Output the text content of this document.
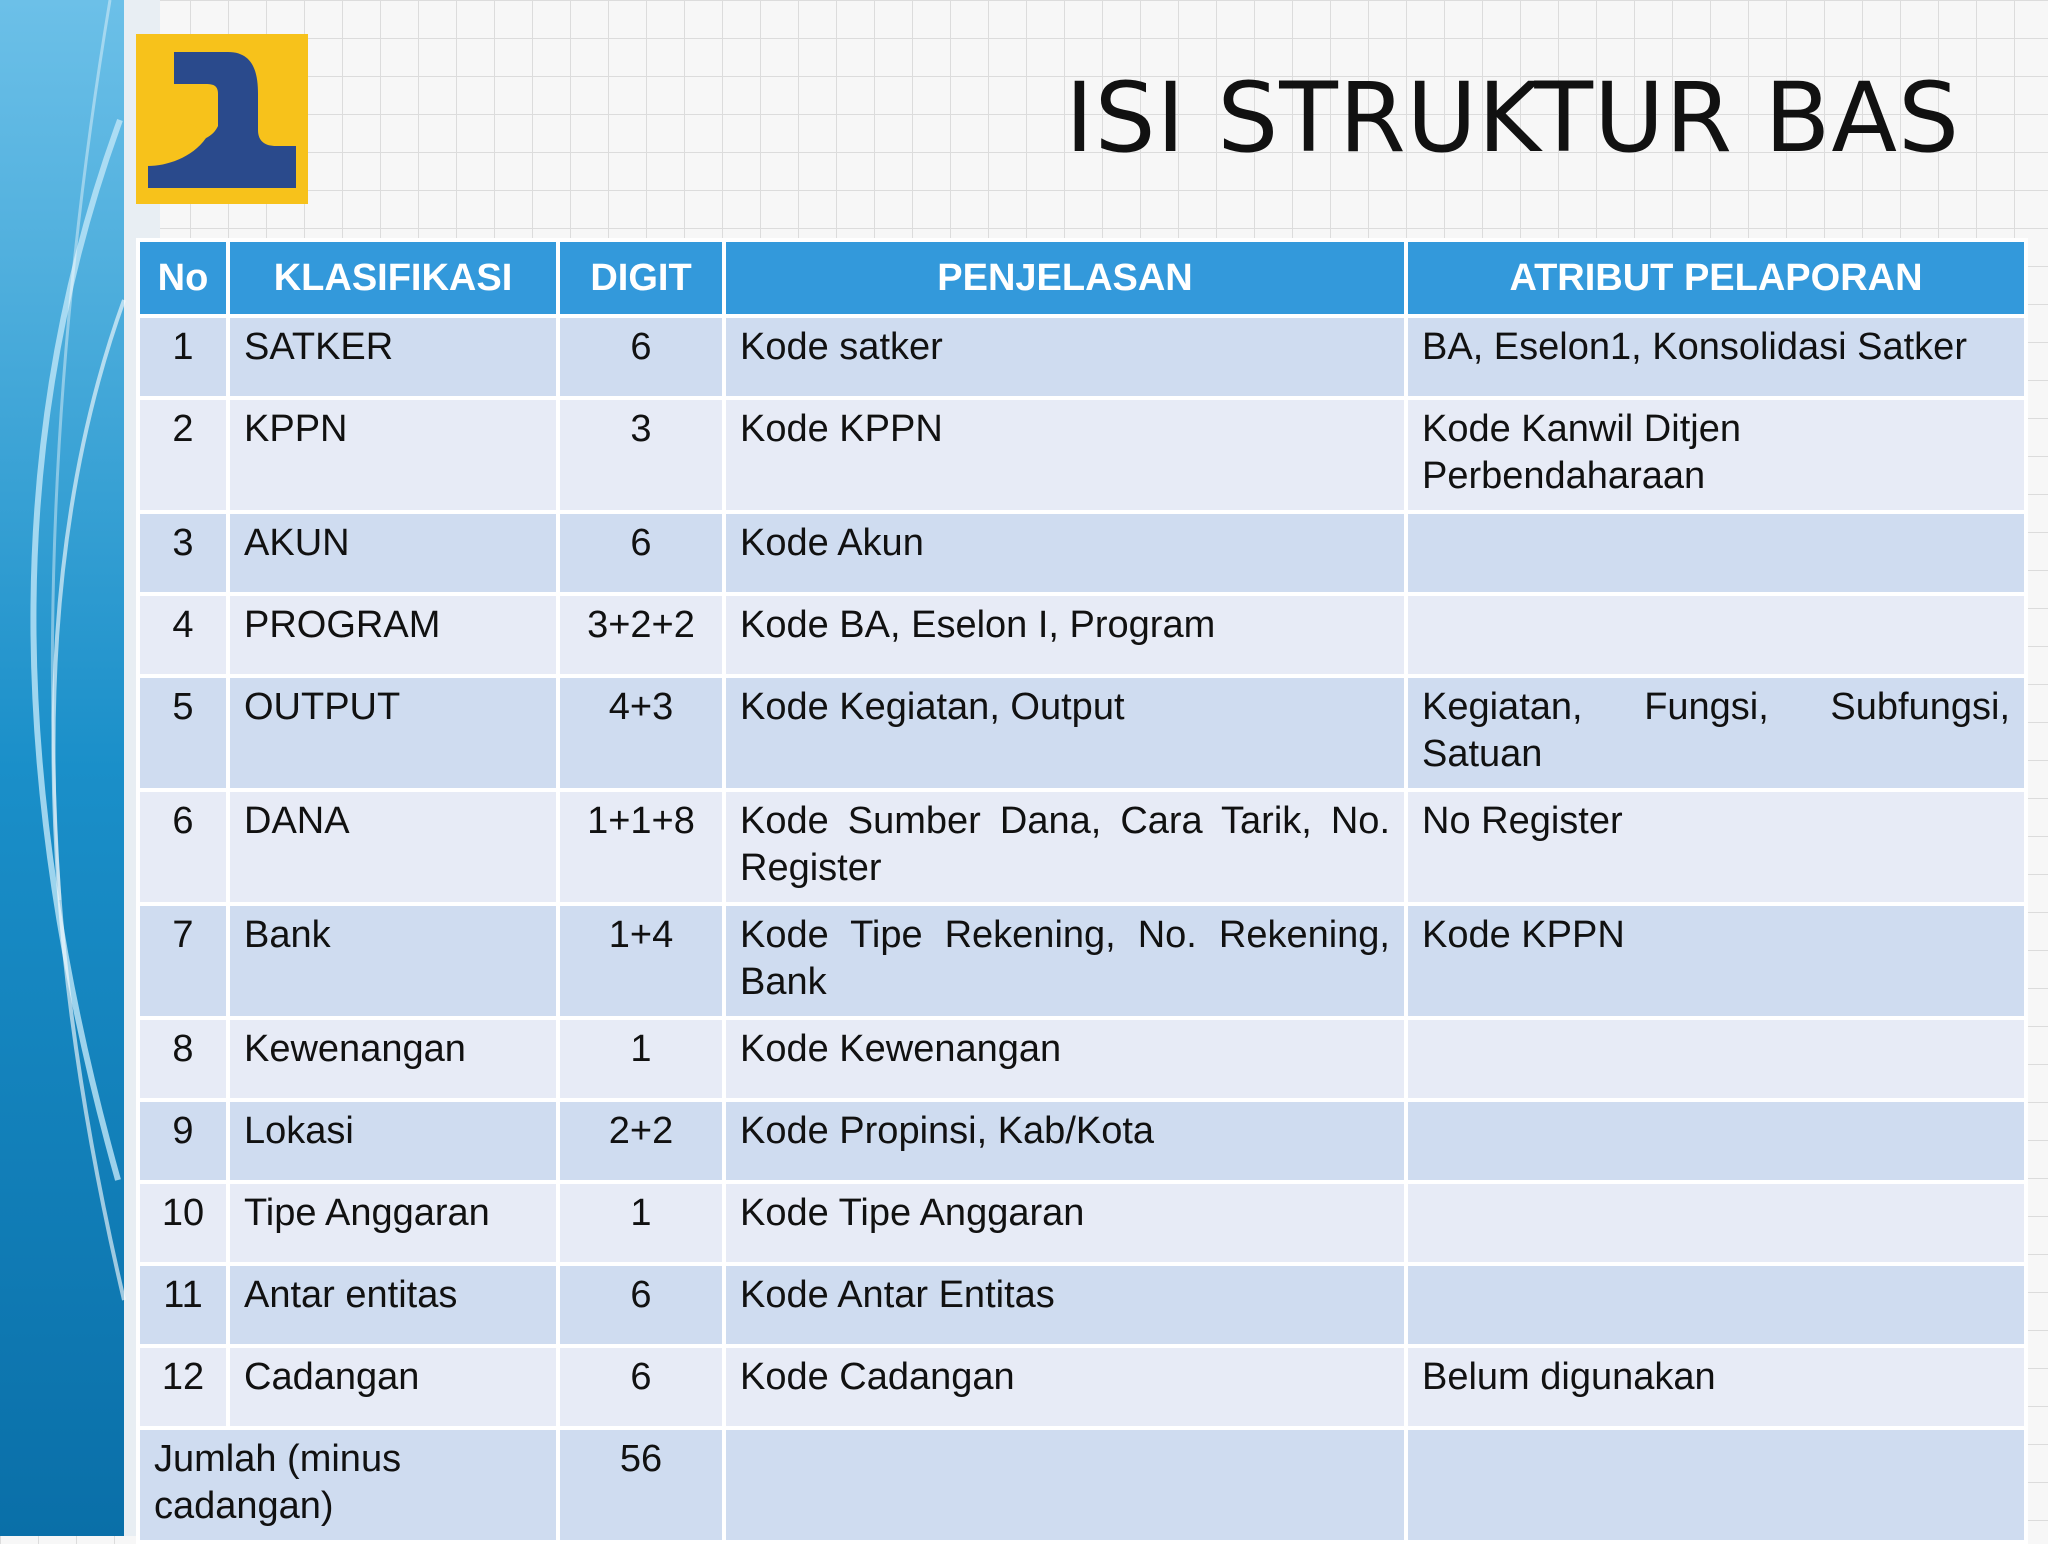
ISI STRUKTUR BAS
No	KLASIFIKASI	DIGIT	PENJELASAN	ATRIBUT PELAPORAN
1	SATKER	6	Kode satker	BA, Eselon1, Konsolidasi Satker
2	KPPN	3	Kode KPPN	Kode Kanwil Ditjen Perbendaharaan
3	AKUN	6	Kode Akun	
4	PROGRAM	3+2+2	Kode BA, Eselon I, Program	
5	OUTPUT	4+3	Kode Kegiatan, Output	Kegiatan, Fungsi, Subfungsi, Satuan
6	DANA	1+1+8	Kode Sumber Dana, Cara Tarik, No. Register	No Register
7	Bank	1+4	Kode Tipe Rekening, No. Rekening, Bank	Kode KPPN
8	Kewenangan	1	Kode Kewenangan	
9	Lokasi	2+2	Kode Propinsi, Kab/Kota	
10	Tipe Anggaran	1	Kode Tipe Anggaran	
11	Antar entitas	6	Kode Antar Entitas	
12	Cadangan	6	Kode Cadangan	Belum digunakan
Jumlah (minus cadangan)		56		
